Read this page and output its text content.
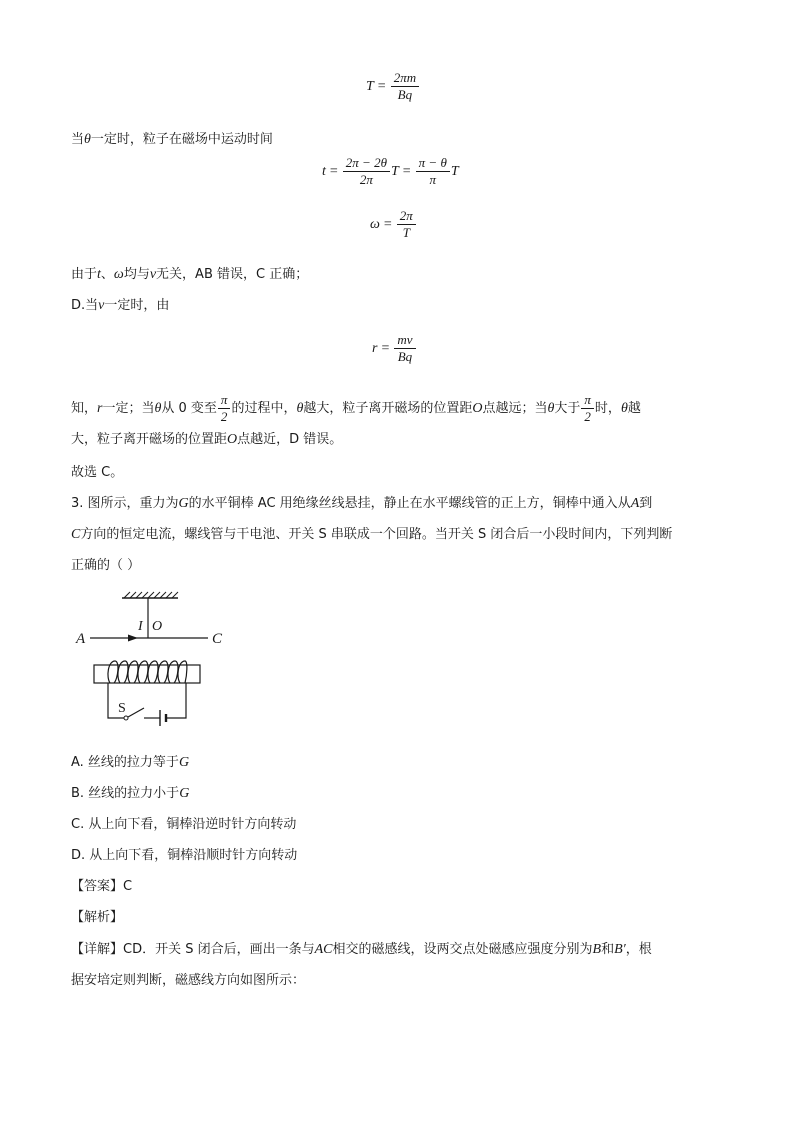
$T = \frac{2\pi m}{Bq}$
当θ一定时，粒子在磁场中运动时间
$t = \frac{2\pi - 2\theta}{2\pi}$ $T = \frac{\pi - \theta}{\pi}$ T
$\omega = \frac{2\pi}{T}$
由于t、ω均与v无关，AB 错误，C 正确；
D.当v一定时，由
$r = \frac{mv}{Bq}$
知，r一定；当θ从 0 变至 $\frac{\pi}{2}$ 的过程中，θ越大，粒子离开磁场的位置距O点越远；当θ大于 $\frac{\pi}{2}$ 时，θ越
大，粒子离开磁场的位置距O点越近，D 错误。
故选 C。
3. 图所示，重力为G的水平铜棒 AC 用绝缘丝线悬挂，静止在水平螺线管的正上方，铜棒中通入从A到
C方向的恒定电流，螺线管与干电池、开关 S 串联成一个回路。当开关 S 闭合后一小段时间内，下列判断
正确的（ ）
A	C
I O
S
A. 丝线的拉力等于G
B. 丝线的拉力小于G
C. 从上向下看，铜棒沿逆时针方向转动
D. 从上向下看，铜棒沿顺时针方向转动
【答案】C
【解析】
【详解】CD．开关 S 闭合后，画出一条与AC相交的磁感线，设两交点处磁感应强度分别为B和B′，根
据安培定则判断，磁感线方向如图所示：
